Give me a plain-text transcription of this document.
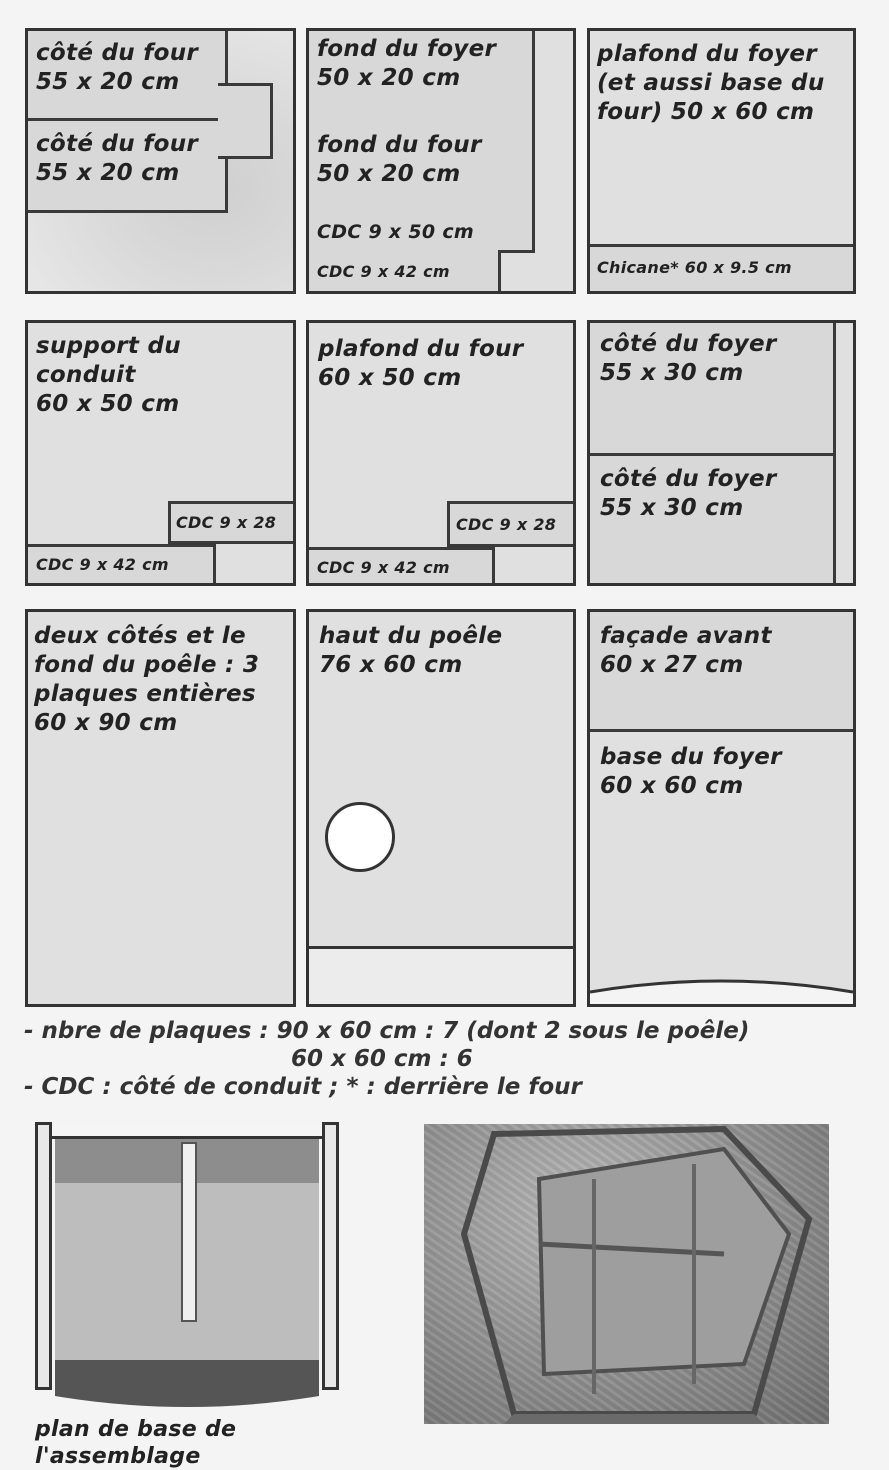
côté du four
55 x 20 cm

côté du four
55 x 20 cm

fond du foyer
50 x 20 cm

fond du four
50 x 20 cm

CDC 9 x 50 cm

CDC 9 x 42 cm

plafond du foyer
(et aussi base du
four) 50 x 60 cm

Chicane* 60 x 9.5 cm

support du
conduit
60 x 50 cm

CDC 9 x 28

CDC 9 x 42 cm

plafond du four
60 x 50 cm

CDC 9 x 28

CDC 9 x 42 cm

côté du foyer
55 x 30 cm

côté du foyer
55 x 30 cm

deux côtés et le
fond du poêle : 3
plaques entières
60 x 90 cm

haut du poêle
76 x 60 cm

façade avant
60 x 27 cm

base du foyer
60 x 60 cm

- nbre de plaques : 90 x 60 cm : 7 (dont 2 sous le poêle)

60 x 60 cm : 6

- CDC : côté de conduit ; * : derrière le four

plan de base de
l'assemblage
